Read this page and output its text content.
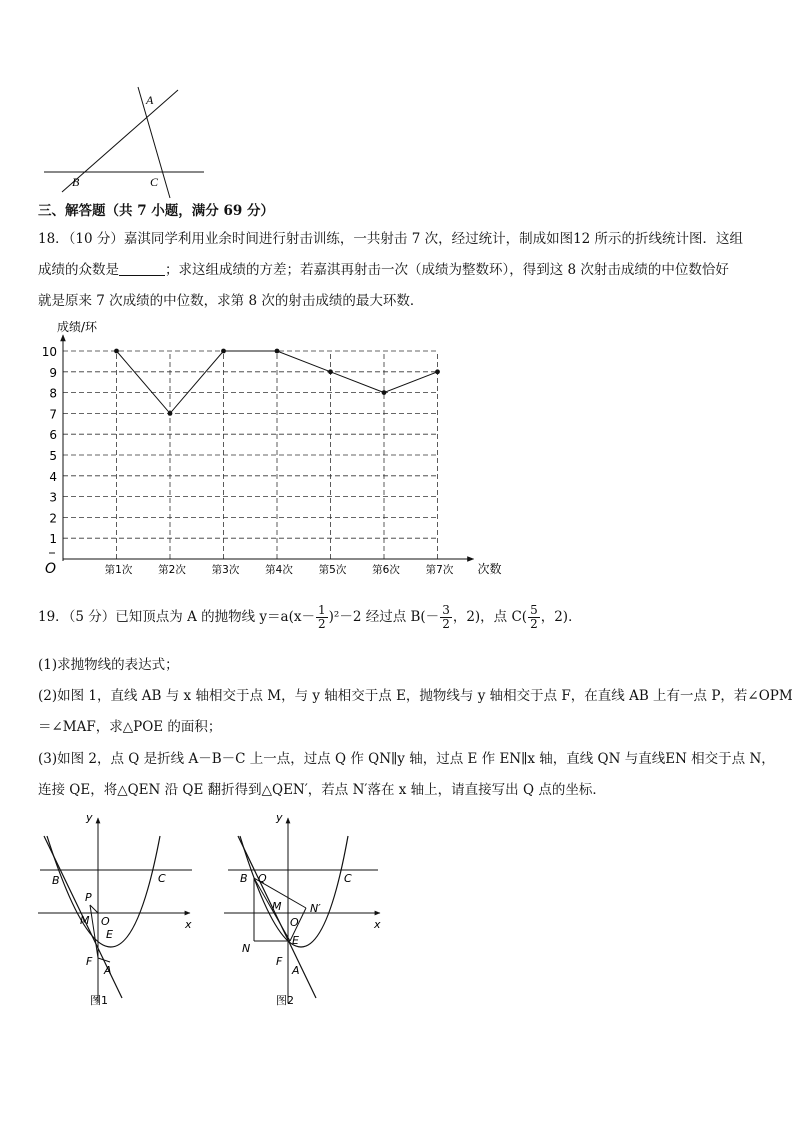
A
B	C
三、解答题（共 7 小题，满分 69 分）
18．（10 分）嘉淇同学利用业余时间进行射击训练，一共射击 7 次，经过统计，制成如图12 所示的折线统计图．这组
成绩的众数是	；求这组成绩的方差；若嘉淇再射击一次（成绩为整数环），得到这 8 次射击成绩的中位数恰好
就是原来 7 次成绩的中位数，求第 8 次的射击成绩的最大环数．
1
2
3
4
5
6
7
8
9
10
第1次 第2次 第3次 第4次 第5次 第6次 第7次
成绩/环
次数
O
19．（5 分）已知顶点为 A 的抛物线 $y=a(x- \frac{1}{2} )^2-2$ 经过点 $B(- \frac{3}{2}$ ，2)，点 $C( \frac{5}{2}$ ，2)．
(1)求抛物线的表达式；
(2)如图 1，直线 AB 与 x 轴相交于点 M，与 y 轴相交于点 E，抛物线与 y 轴相交于点 F，在直线 AB 上有一点 P，若∠OPM
＝∠MAF，求△POE 的面积；
(3)如图 2，点 Q 是折线 A－B－C 上一点，过点 Q 作 QN∥y 轴，过点 E 作 EN∥x 轴，直线 QN 与直线EN 相交于点 N，
连接 QE，将△QEN 沿 QE 翻折得到△QEN′，若点 N′落在 x 轴上，请直接写出 Q 点的坐标．
y
x
B	C
P
M O
E
F
A
图1
y
x
B Q	C
M	N′
O
N
E
F
A
图2
